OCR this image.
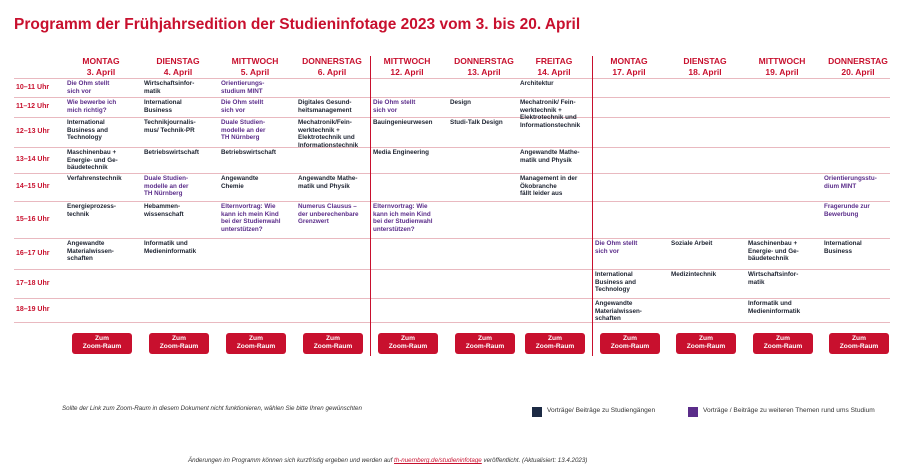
Programm der Frühjahrsedition der Studieninfotage 2023 vom 3. bis 20. April
MONTAG
3. April
DIENSTAG
4. April
MITTWOCH
5. April
DONNERSTAG
6. April
MITTWOCH
12. April
DONNERSTAG
13. April
FREITAG
14. April
MONTAG
17. April
DIENSTAG
18. April
MITTWOCH
19. April
DONNERSTAG
20. April
10–11 Uhr
11–12 Uhr
12–13 Uhr
13–14 Uhr
14–15 Uhr
15–16 Uhr
16–17 Uhr
17–18 Uhr
18–19 Uhr
Die Ohm stellt
sich vor
Wie bewerbe ich
mich richtig?
International
Business and
Technology
Maschinenbau +
Energie- und Ge-
bäudetechnik
Verfahrenstechnik
Energieprozess-
technik
Angewandte
Materialwissen-
schaften
Wirtschaftsinfor-
matik
International
Business
Technikjournalis-
mus/ Technik-PR
Betriebswirtschaft
Duale Studien-
modelle an der
TH Nürnberg
Hebammen-
wissenschaft
Informatik und
Medieninformatik
Orientierungs-
studium MINT
Die Ohm stellt
sich vor
Duale Studien-
modelle an der
TH Nürnberg
Betriebswirtschaft
Angewandte
Chemie
Elternvortrag: Wie
kann ich mein Kind
bei der Studienwahl
unterstützen?
Digitales Gesund-
heitsmanagement
Mechatronik/Fein-
werktechnik +
Elektrotechnik und
Informationstechnik
Angewandte Mathe-
matik und Physik
Numerus Clausus –
der unberechenbare
Grenzwert
Die Ohm stellt
sich vor
Bauingenieurwesen
Media Engineering
Elternvortrag: Wie
kann ich mein Kind
bei der Studienwahl
unterstützen?
Design
Studi-Talk Design
Architektur
Mechatronik/ Fein-
werktechnik +
Elektrotechnik und
Informationstechnik
Angewandte Mathe-
matik und Physik
Management in der
Ökobranche
fällt leider aus
Die Ohm stellt
sich vor
International
Business and
Technology
Angewandte
Materialwissen-
schaften
Soziale Arbeit
Medizintechnik
Maschinenbau +
Energie- und Ge-
bäudetechnik
Wirtschaftsinfor-
matik
Informatik und
Medieninformatik
Orientierungsstu-
dium MINT
Fragerunde zur
Bewerbung
International
Business
Zum
Zoom-Raum
Zum
Zoom-Raum
Zum
Zoom-Raum
Zum
Zoom-Raum
Zum
Zoom-Raum
Zum
Zoom-Raum
Zum
Zoom-Raum
Zum
Zoom-Raum
Zum
Zoom-Raum
Zum
Zoom-Raum
Zum
Zoom-Raum
Sollte der Link zum Zoom-Raum in diesem Dokument nicht funktionieren, wählen Sie bitte Ihren gewünschten	Vorträge/ Beiträge zu Studiengängen	Vorträge / Beiträge zu weiteren Themen rund ums Studium
Änderungen im Programm können sich kurzfristig ergeben und werden auf th-nuernberg.de/studieninfotage veröffentlicht. (Aktualisiert: 13.4.2023)
